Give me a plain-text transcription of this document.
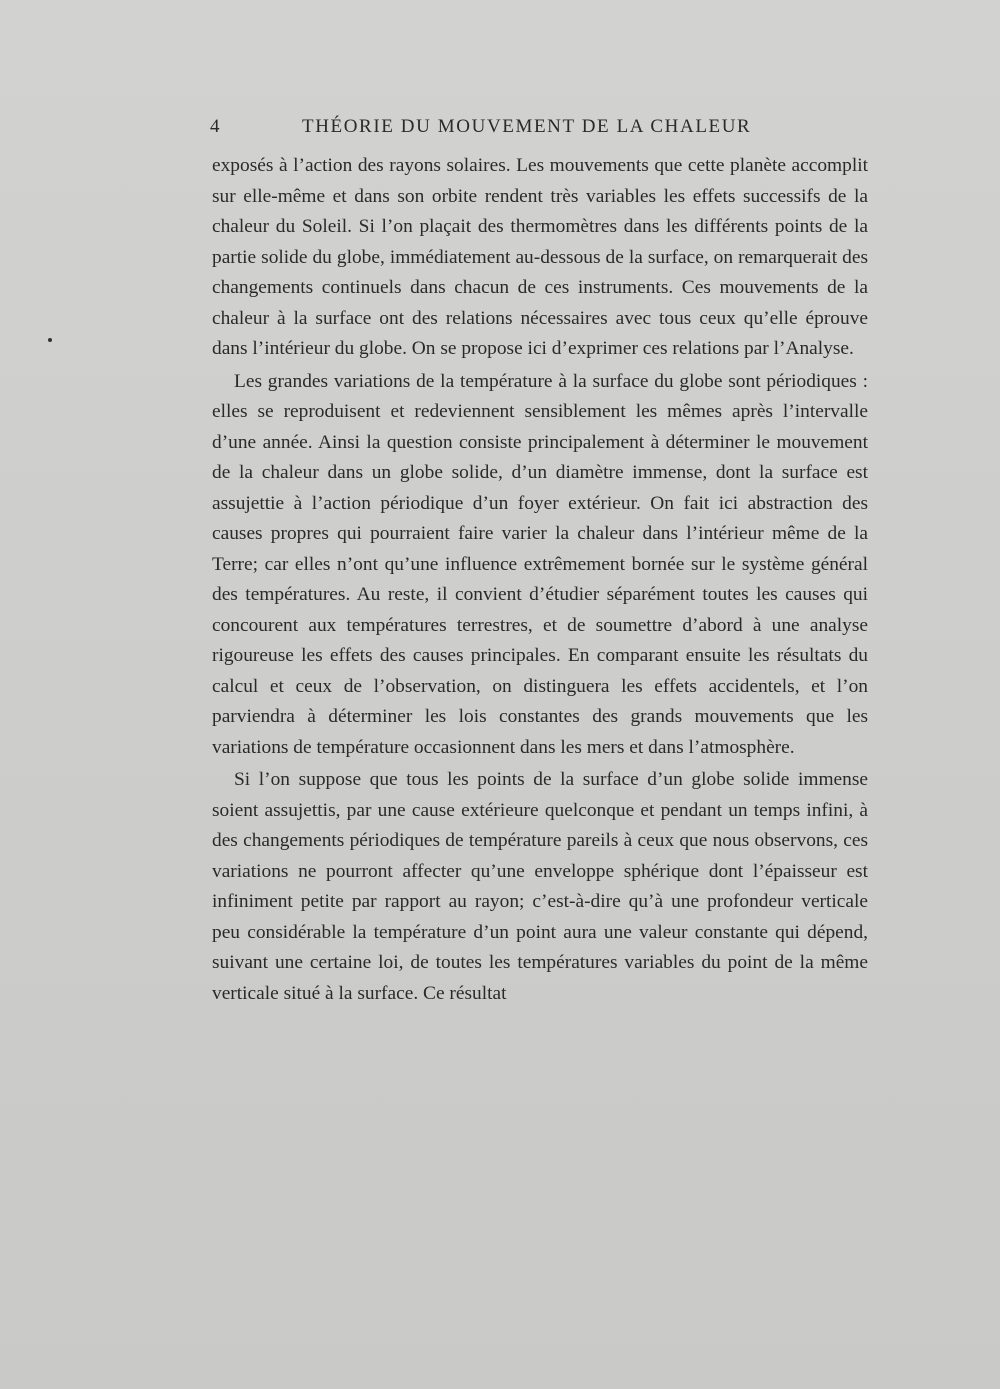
4	THÉORIE DU MOUVEMENT DE LA CHALEUR

exposés à l’action des rayons solaires. Les mouvements que cette planète accomplit sur elle-même et dans son orbite rendent très variables les effets successifs de la chaleur du Soleil. Si l’on plaçait des thermomètres dans les différents points de la partie solide du globe, immédiatement au-dessous de la surface, on remarquerait des changements continuels dans chacun de ces instruments. Ces mouvements de la chaleur à la surface ont des relations nécessaires avec tous ceux qu’elle éprouve dans l’intérieur du globe. On se propose ici d’exprimer ces relations par l’Analyse.

Les grandes variations de la température à la surface du globe sont périodiques : elles se reproduisent et redeviennent sensiblement les mêmes après l’intervalle d’une année. Ainsi la question consiste principalement à déterminer le mouvement de la chaleur dans un globe solide, d’un diamètre immense, dont la surface est assujettie à l’action périodique d’un foyer extérieur. On fait ici abstraction des causes propres qui pourraient faire varier la chaleur dans l’intérieur même de la Terre; car elles n’ont qu’une influence extrêmement bornée sur le système général des températures. Au reste, il convient d’étudier séparément toutes les causes qui concourent aux températures terrestres, et de soumettre d’abord à une analyse rigoureuse les effets des causes principales. En comparant ensuite les résultats du calcul et ceux de l’observation, on distinguera les effets accidentels, et l’on parviendra à déterminer les lois constantes des grands mouvements que les variations de température occasionnent dans les mers et dans l’atmosphère.

Si l’on suppose que tous les points de la surface d’un globe solide immense soient assujettis, par une cause extérieure quelconque et pendant un temps infini, à des changements périodiques de température pareils à ceux que nous observons, ces variations ne pourront affecter qu’une enveloppe sphérique dont l’épaisseur est infiniment petite par rapport au rayon; c’est-à-dire qu’à une profondeur verticale peu considérable la température d’un point aura une valeur constante qui dépend, suivant une certaine loi, de toutes les températures variables du point de la même verticale situé à la surface. Ce résultat
